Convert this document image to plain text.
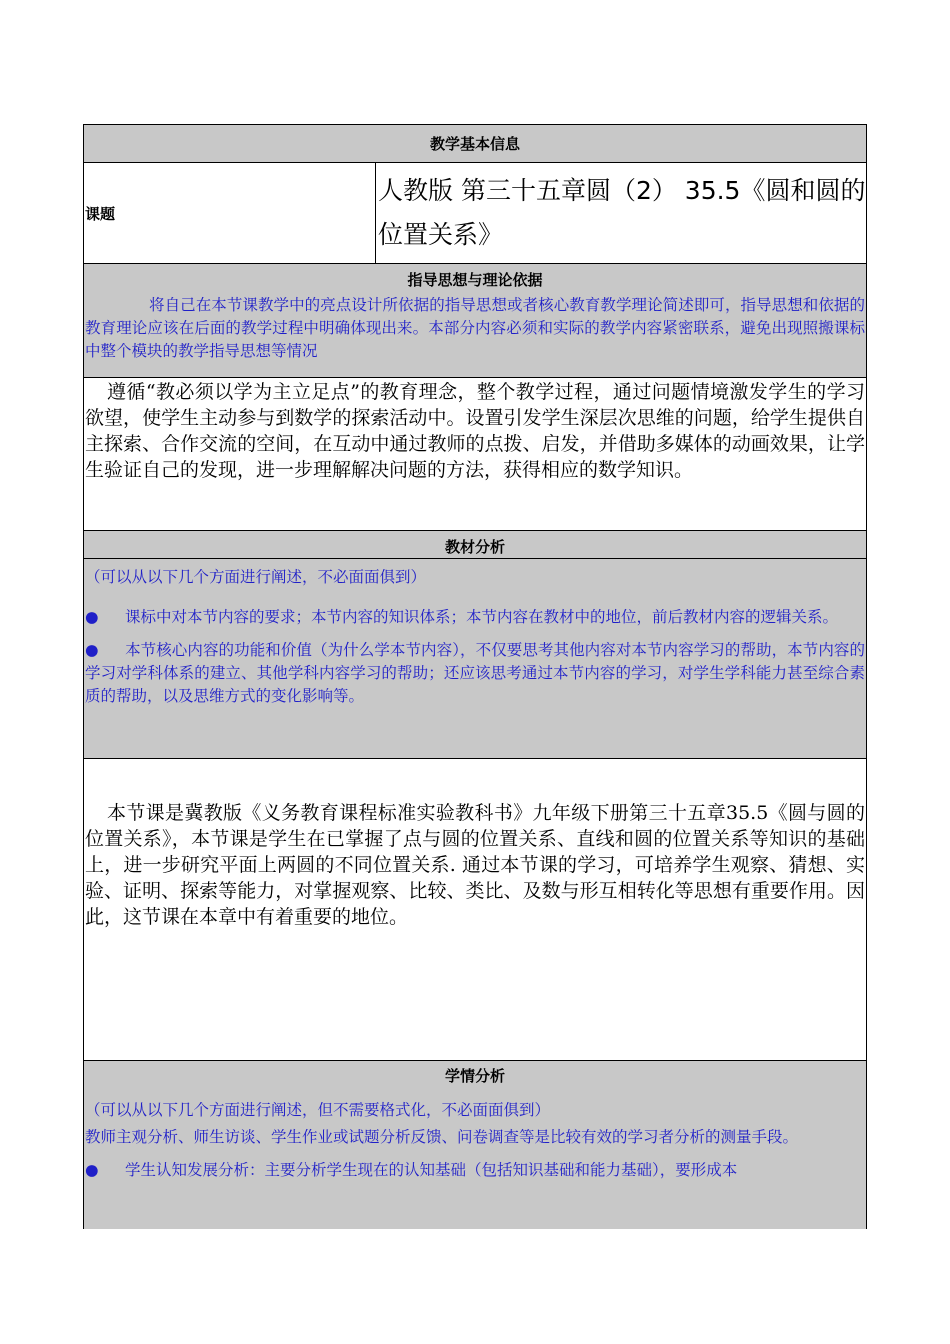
教学基本信息
课题
人教版 第三十五章圆（2） 35.5《圆和圆的位置关系》
指导思想与理论依据
将自己在本节课教学中的亮点设计所依据的指导思想或者核心教育教学理论简述即可，指导思想和依据的教育理论应该在后面的教学过程中明确体现出来。本部分内容必须和实际的教学内容紧密联系，避免出现照搬课标中整个模块的教学指导思想等情况
遵循“教必须以学为主立足点”的教育理念，整个教学过程，通过问题情境激发学生的学习欲望，使学生主动参与到数学的探索活动中。设置引发学生深层次思维的问题，给学生提供自主探索、合作交流的空间，在互动中通过教师的点拨、启发，并借助多媒体的动画效果，让学生验证自己的发现，进一步理解解决问题的方法，获得相应的数学知识。
教材分析
（可以从以下几个方面进行阐述，不必面面俱到）
● 课标中对本节内容的要求；本节内容的知识体系；本节内容在教材中的地位，前后教材内容的逻辑关系。
● 本节核心内容的功能和价值（为什么学本节内容），不仅要思考其他内容对本节内容学习的帮助，本节内容的学习对学科体系的建立、其他学科内容学习的帮助；还应该思考通过本节内容的学习，对学生学科能力甚至综合素质的帮助，以及思维方式的变化影响等。
本节课是冀教版《义务教育课程标准实验教科书》九年级下册第三十五章35.5《圆与圆的位置关系》，本节课是学生在已掌握了点与圆的位置关系、直线和圆的位置关系等知识的基础上，进一步研究平面上两圆的不同位置关系. 通过本节课的学习，可培养学生观察、猜想、实验、证明、探索等能力，对掌握观察、比较、类比、及数与形互相转化等思想有重要作用。因此，这节课在本章中有着重要的地位。
学情分析
（可以从以下几个方面进行阐述，但不需要格式化，不必面面俱到）
教师主观分析、师生访谈、学生作业或试题分析反馈、问卷调查等是比较有效的学习者分析的测量手段。
● 学生认知发展分析：主要分析学生现在的认知基础（包括知识基础和能力基础），要形成本
